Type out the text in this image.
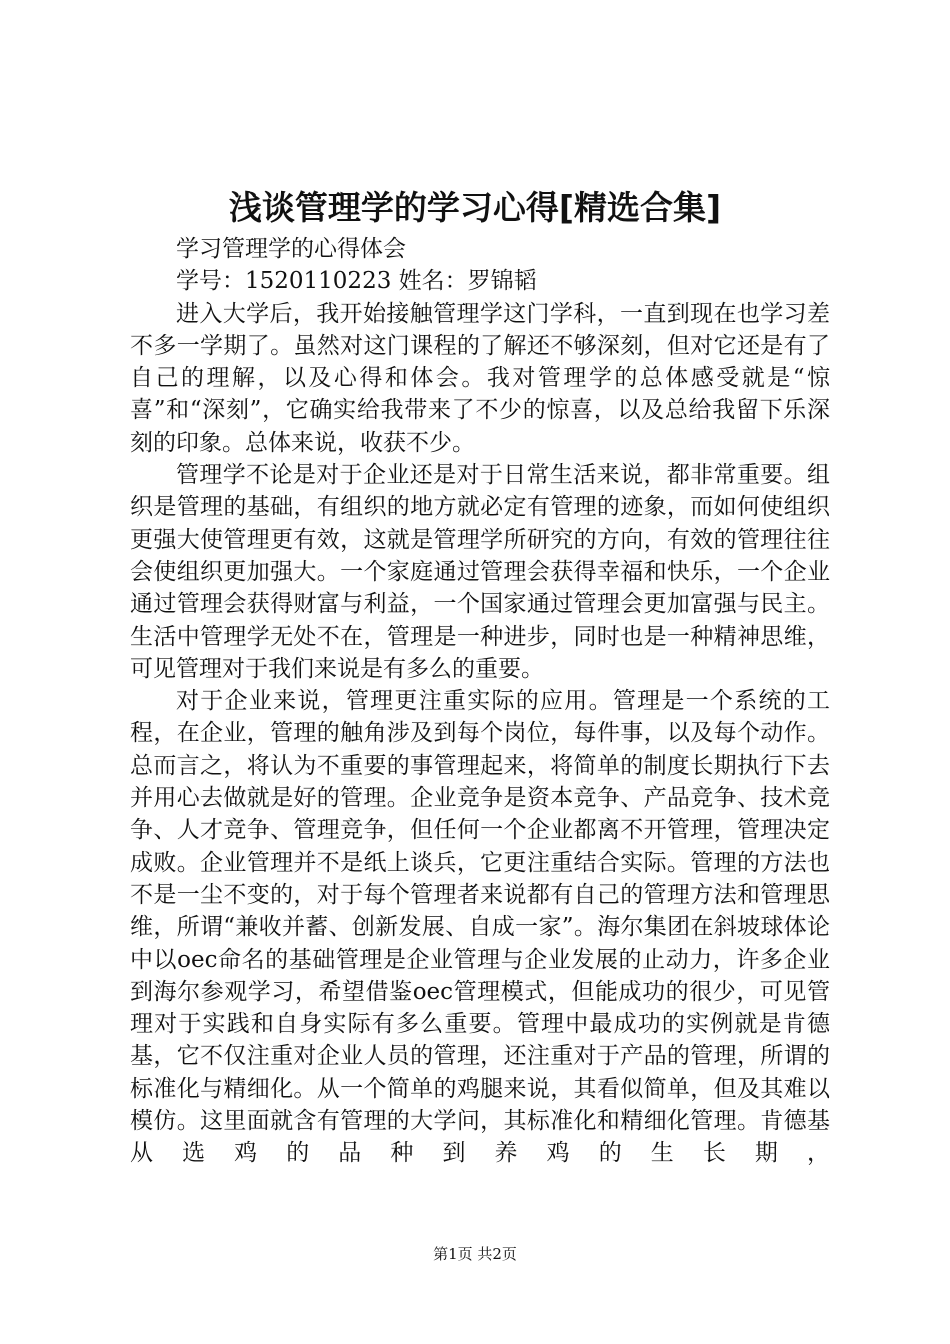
浅谈管理学的学习心得[精选合集]

学习管理学的心得体会

学号：1520110223 姓名：罗锦韬

进入大学后，我开始接触管理学这门学科，一直到现在也学习差不多一学期了。虽然对这门课程的了解还不够深刻，但对它还是有了自己的理解，以及心得和体会。我对管理学的总体感受就是“惊喜”和“深刻”，它确实给我带来了不少的惊喜，以及总给我留下乐深刻的印象。总体来说，收获不少。

管理学不论是对于企业还是对于日常生活来说，都非常重要。组织是管理的基础，有组织的地方就必定有管理的迹象，而如何使组织更强大使管理更有效，这就是管理学所研究的方向，有效的管理往往会使组织更加强大。一个家庭通过管理会获得幸福和快乐，一个企业通过管理会获得财富与利益，一个国家通过管理会更加富强与民主。生活中管理学无处不在，管理是一种进步，同时也是一种精神思维，可见管理对于我们来说是有多么的重要。

对于企业来说，管理更注重实际的应用。管理是一个系统的工程，在企业，管理的触角涉及到每个岗位，每件事，以及每个动作。总而言之，将认为不重要的事管理起来，将简单的制度长期执行下去并用心去做就是好的管理。企业竞争是资本竞争、产品竞争、技术竞争、人才竞争、管理竞争，但任何一个企业都离不开管理，管理决定成败。企业管理并不是纸上谈兵，它更注重结合实际。管理的方法也不是一尘不变的，对于每个管理者来说都有自己的管理方法和管理思维，所谓“兼收并蓄、创新发展、自成一家”。海尔集团在斜坡球体论中以oec命名的基础管理是企业管理与企业发展的止动力，许多企业到海尔参观学习，希望借鉴oec管理模式，但能成功的很少，可见管理对于实践和自身实际有多么重要。管理中最成功的实例就是肯德基，它不仅注重对企业人员的管理，还注重对于产品的管理，所谓的标准化与精细化。从一个简单的鸡腿来说，其看似简单，但及其难以模仿。这里面就含有管理的大学问，其标准化和精细化管理。肯德基从选鸡的品种到养鸡的生长期，

第1页 共2页
